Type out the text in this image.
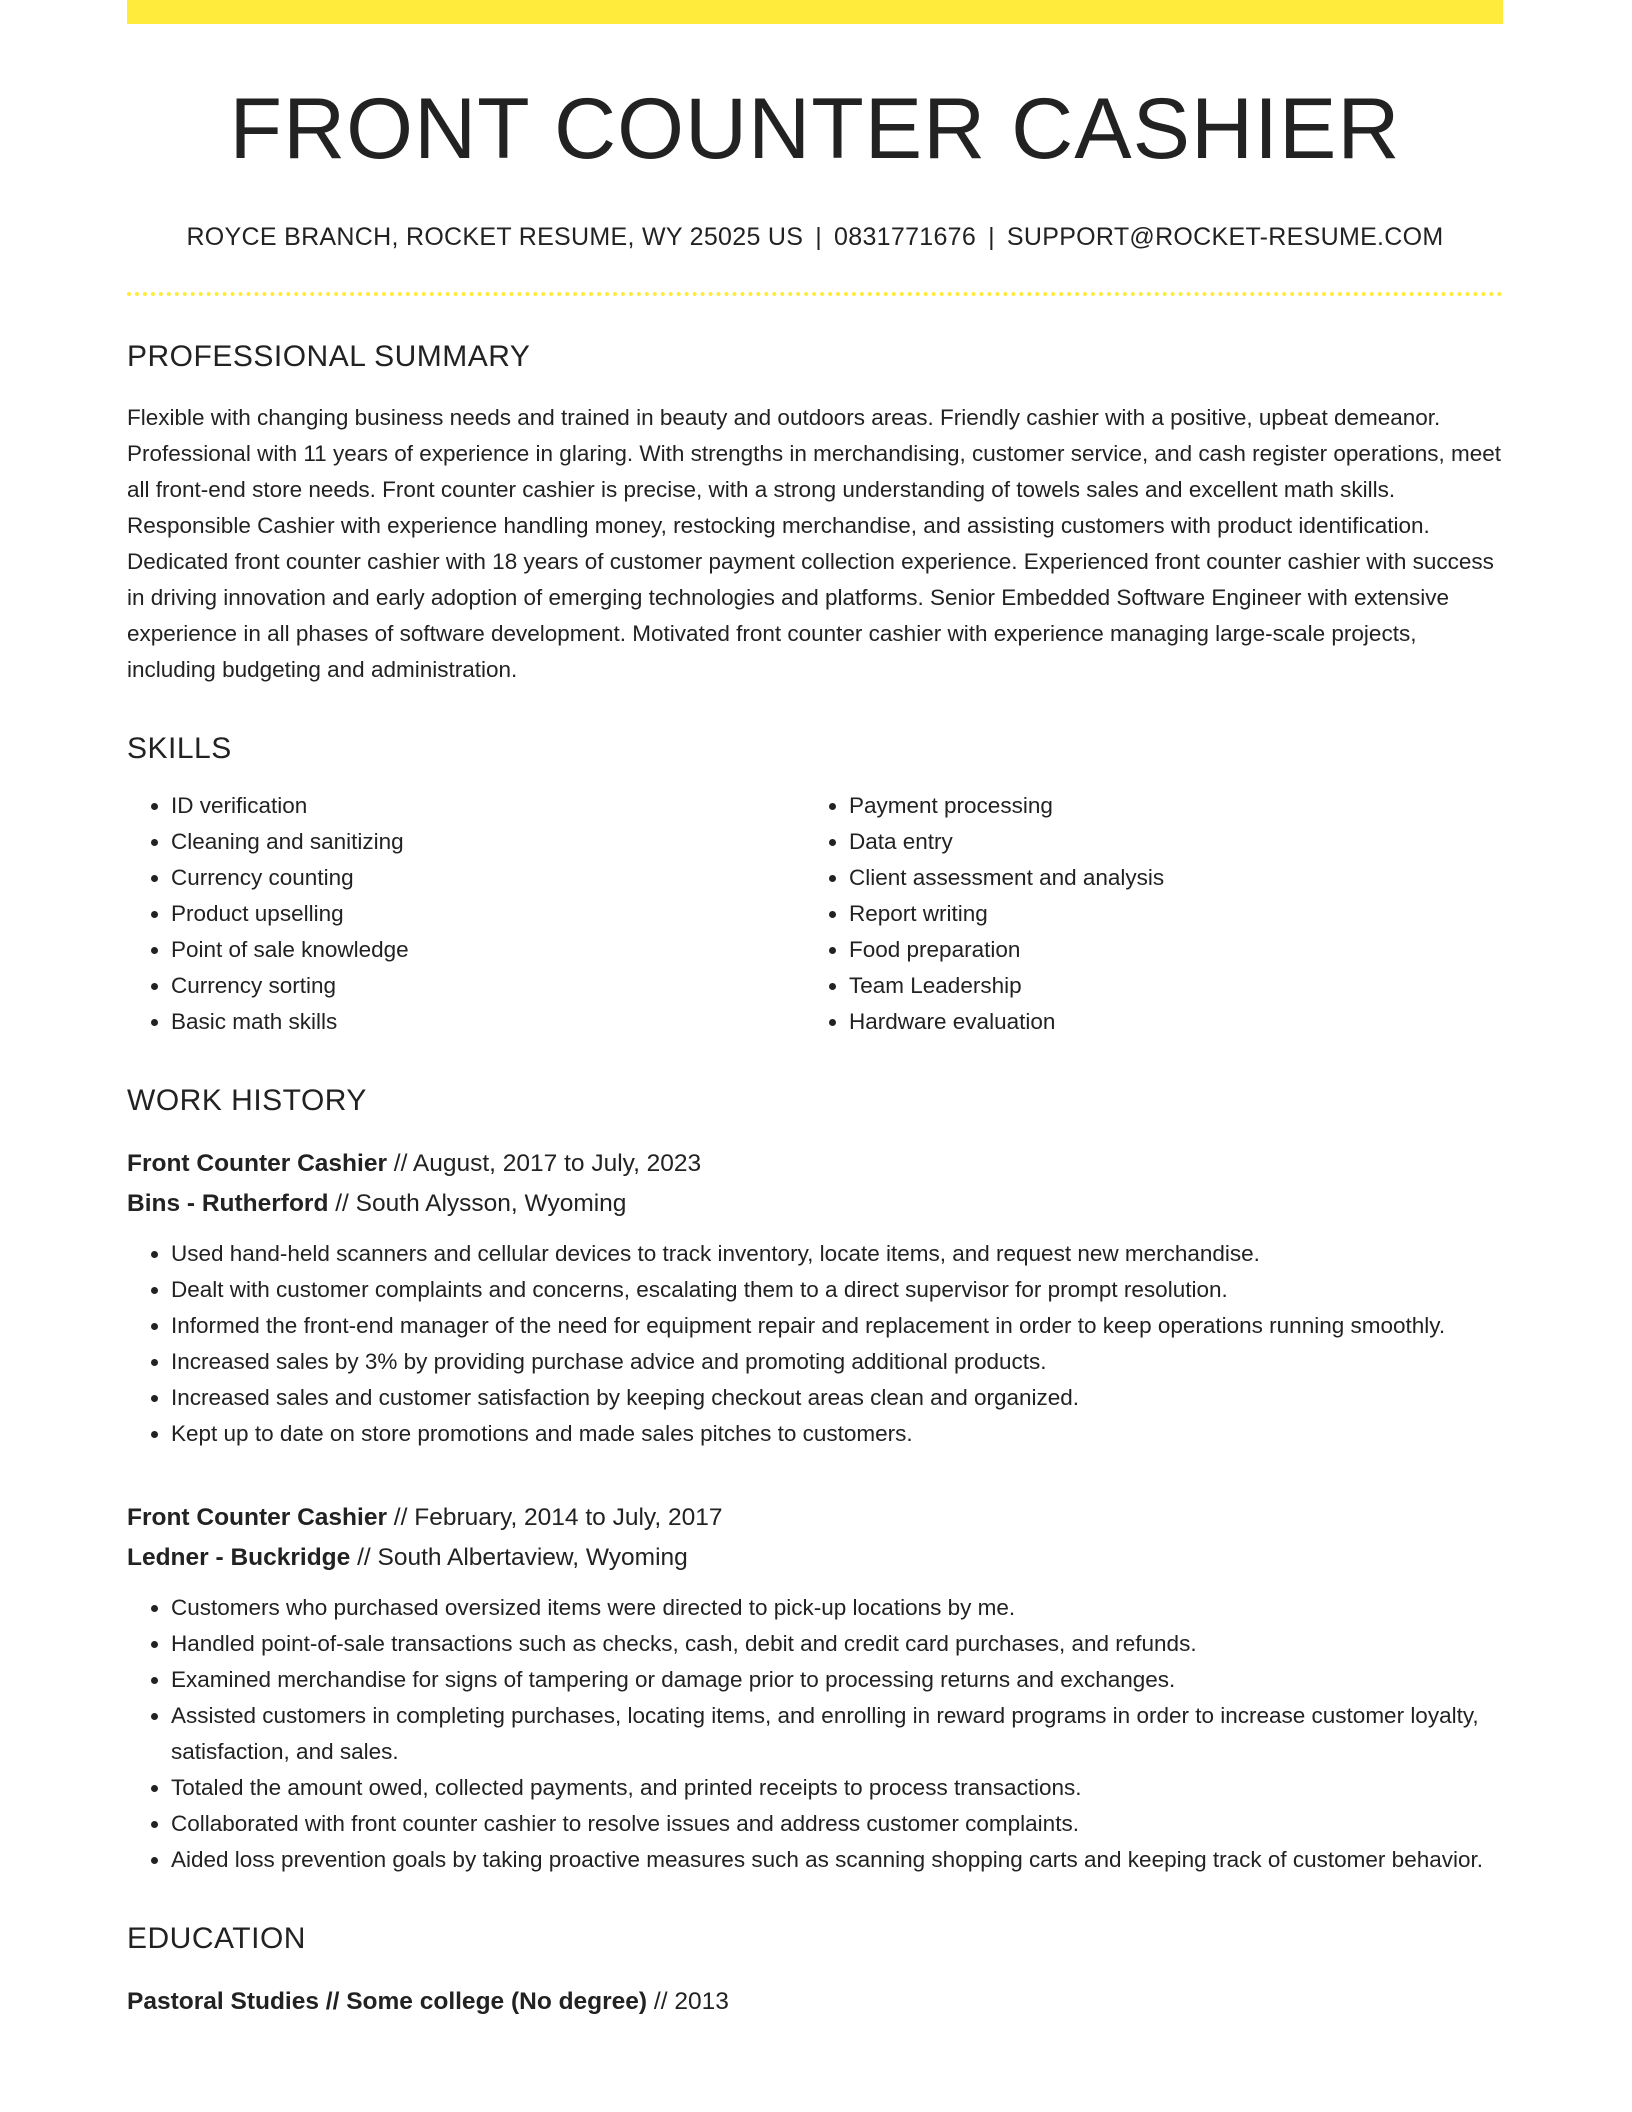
FRONT COUNTER CASHIER
ROYCE BRANCH, ROCKET RESUME, WY 25025 US | 0831771676 | SUPPORT@ROCKET-RESUME.COM
PROFESSIONAL SUMMARY

Flexible with changing business needs and trained in beauty and outdoors areas. Friendly cashier with a positive, upbeat demeanor. Professional with 11 years of experience in glaring. With strengths in merchandising, customer service, and cash register operations, meet all front-end store needs. Front counter cashier is precise, with a strong understanding of towels sales and excellent math skills. Responsible Cashier with experience handling money, restocking merchandise, and assisting customers with product identification. Dedicated front counter cashier with 18 years of customer payment collection experience. Experienced front counter cashier with success in driving innovation and early adoption of emerging technologies and platforms. Senior Embedded Software Engineer with extensive experience in all phases of software development. Motivated front counter cashier with experience managing large-scale projects, including budgeting and administration.

SKILLS
• ID verification
• Cleaning and sanitizing
• Currency counting
• Product upselling
• Point of sale knowledge
• Currency sorting
• Basic math skills
• Payment processing
• Data entry
• Client assessment and analysis
• Report writing
• Food preparation
• Team Leadership
• Hardware evaluation
WORK HISTORY
Front Counter Cashier // August, 2017 to July, 2023
Bins - Rutherford // South Alysson, Wyoming
• Used hand-held scanners and cellular devices to track inventory, locate items, and request new merchandise.
• Dealt with customer complaints and concerns, escalating them to a direct supervisor for prompt resolution.
• Informed the front-end manager of the need for equipment repair and replacement in order to keep operations running smoothly.
• Increased sales by 3% by providing purchase advice and promoting additional products.
• Increased sales and customer satisfaction by keeping checkout areas clean and organized.
• Kept up to date on store promotions and made sales pitches to customers.
Front Counter Cashier // February, 2014 to July, 2017
Ledner - Buckridge // South Albertaview, Wyoming
• Customers who purchased oversized items were directed to pick-up locations by me.
• Handled point-of-sale transactions such as checks, cash, debit and credit card purchases, and refunds.
• Examined merchandise for signs of tampering or damage prior to processing returns and exchanges.
• Assisted customers in completing purchases, locating items, and enrolling in reward programs in order to increase customer loyalty, satisfaction, and sales.
• Totaled the amount owed, collected payments, and printed receipts to process transactions.
• Collaborated with front counter cashier to resolve issues and address customer complaints.
• Aided loss prevention goals by taking proactive measures such as scanning shopping carts and keeping track of customer behavior.
EDUCATION
Pastoral Studies // Some college (No degree) // 2013
